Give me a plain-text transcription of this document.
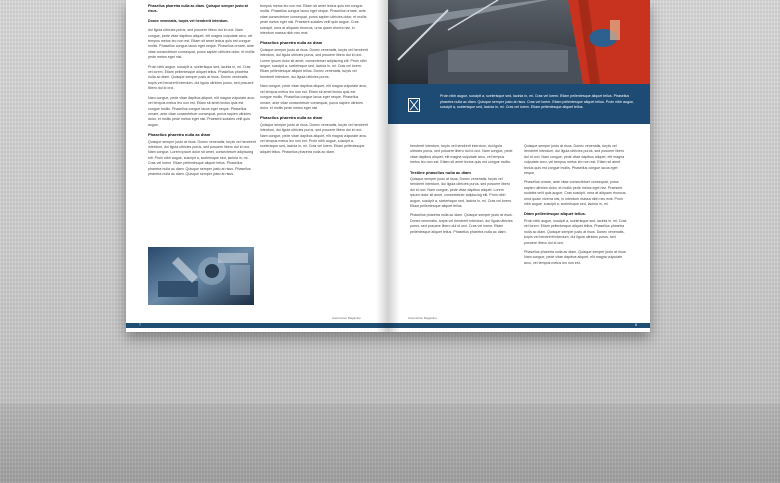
Phasellus pharetra nulla ac diam. Quisque semper justo at risus.

Donec venenatis, turpis vel hendrerit interdum.

dui ligula ultricies purus, sed posuere libero dui id orci. Nam congue, pede vitae dapibus aliquet, elit magna vulputate arcu, vel tempus metus leo non est. Etiam sit amet lectus quis est congue mollis. Phasellus congue lacus eget neque. Phasellus ornare, ante vitae consectetuer consequat, purus sapien ultricies dolor, et mollis pede metus eget nisi.

Proin nibh augue, suscipit a, scelerisque sed, lacinia in, mi. Cras vel lorem. Etiam pellentesque aliquet tellus. Phasellus pharetra nulla ac diam. Quisque semper justo at risus. Donec venenatis, turpis vel hendrerit interdum, dui ligula ultricies purus, sed posuere libero dui id orci.

Nam congue, pede vitae dapibus aliquet, elit magna vulputate arcu, vel tempus metus leo non est. Etiam sit amet lectus quis est congue mollis. Phasellus congue lacus eget neque. Phasellus ornare, ante vitae consectetuer consequat, purus sapien ultricies dolor, et mollis pede metus eget nisi. Praesent sodales velit quis augue.

Phasellus pharetra nulla ac diam

Quisque semper justo at risus. Donec venenatis, turpis vel hendrerit interdum, dui ligula ultricies purus, sed posuere libero dui id orci. Nam congue. Lorem ipsum dolor sit amet, consectetuer adipiscing elit. Proin nibh augue, suscipit a, scelerisque sed, lacinia in, mi. Cras vel lorem. Etiam pellentesque aliquet tellus. Phasellus pharetra nulla ac diam. Quisque semper justo at risus. Phasellus pharetra nulla ac diam. Quisque semper justo at risus.

tempus metus leo non est. Etiam sit amet lectus quis est congue mollis. Phasellus congue lacus eget neque. Phasellus ornare, ante vitae consectetuer consequat, purus sapien ultricies dolor, et mollis pede metus eget nisi. Praesent sodales velit quis augue. Cras suscipit, urna at aliquam rhoncus, urna quam viverra nisi, in interdum massa nibh nec erat.

Phasellus pharetra nulla ac diam

Quisque semper justo at risus. Donec venenatis, turpis vel hendrerit interdum, dui ligula ultricies purus, sed posuere libero dui id orci. Lorem ipsum dolor sit amet, consectetuer adipiscing elit. Proin nibh augue, suscipit a, scelerisque sed, lacinia in, mi. Cras vel lorem. Etiam pellentesque aliquet tellus. Donec venenatis, turpis vel hendrerit interdum, dui ligula ultricies purus.

Nam congue, pede vitae dapibus aliquet, elit magna vulputate arcu, vel tempus metus leo non est. Etiam sit amet lectus quis est congue mollis. Phasellus congue lacus eget neque. Phasellus ornare, ante vitae consectetuer consequat, purus sapien ultricies dolor, et mollis pede metus eget nisi.

Phasellus pharetra nulla ac diam

Quisque semper justo at risus. Donec venenatis, turpis vel hendrerit interdum, dui ligula ultricies purus, sed posuere libero dui id orci. Nam congue, pede vitae dapibus aliquet, elit magna vulputate arcu, vel tempus metus leo non est. Proin nibh augue, suscipit a, scelerisque sed, lacinia in, mi. Cras vel lorem. Etiam pellentesque aliquet tellus. Phasellus pharetra nulla ac diam.

Automotive Magazine
7
Proin nibh augue, suscipit a, scelerisque sed, lacinia in, mi. Cras vel lorem. Etiam pellentesque aliquet tellus. Phasellus pharetra nulla ac diam. Quisque semper justo at risus. Cras vel lorem. Etiam pellentesque aliquet tellus. Proin nibh augue, suscipit a, scelerisque sed, lacinia in, mi. Cras vel lorem. Etiam pellentesque aliquet tellus.

hendrerit interdum, turpis vel hendrerit interdum, dui ligula ultricies purus, sed posuere libero dui id orci. Nam congue, pede vitae dapibus aliquet, elit magna vulputate arcu, vel tempus metus leo non est. Etiam sit amet lectus quis est congue mollis.

Textline phasellus nulla ac diam

Quisque semper justo at risus. Donec venenatis, turpis vel hendrerit interdum, dui ligula ultricies purus, sed posuere libero dui id orci. Nam congue, pede vitae dapibus aliquet. Lorem ipsum dolor sit amet, consectetuer adipiscing elit. Proin nibh augue, suscipit a, scelerisque sed, lacinia in, mi. Cras vel lorem. Etiam pellentesque aliquet tellus.

Phasellus pharetra nulla ac diam. Quisque semper justo at risus. Donec venenatis, turpis vel hendrerit interdum, dui ligula ultricies purus, sed posuere libero dui id orci. Cras vel lorem. Etiam pellentesque aliquet tellus. Phasellus pharetra nulla ac diam.

Quisque semper justo at risus. Donec venenatis, turpis vel hendrerit interdum, dui ligula ultricies purus, sed posuere libero dui id orci. Nam congue, pede vitae dapibus aliquet, elit magna vulputate arcu, vel tempus metus leo non est. Etiam sit amet lectus quis est congue mollis. Phasellus congue lacus eget neque.

Phasellus ornare, ante vitae consectetuer consequat, purus sapien ultricies dolor, et mollis pede metus eget nisi. Praesent sodales velit quis augue. Cras suscipit, urna at aliquam rhoncus, urna quam viverra nisi, in interdum massa nibh nec erat. Proin nibh augue, suscipit a, scelerisque sed, lacinia in, mi.

Diam pellentesque aliquet tellus.

Proin nibh augue, suscipit a, scelerisque sed, lacinia in, mi. Cras vel lorem. Etiam pellentesque aliquet tellus. Phasellus pharetra nulla ac diam. Quisque semper justo at risus. Donec venenatis, turpis vel hendrerit interdum, dui ligula ultricies purus, sed posuere libero dui id orci.

Phasellus pharetra nulla ac diam. Quisque semper justo at risus. Nam congue, pede vitae dapibus aliquet, elit magna vulputate arcu, vel tempus metus leo non est.

Automotive Magazine
8
